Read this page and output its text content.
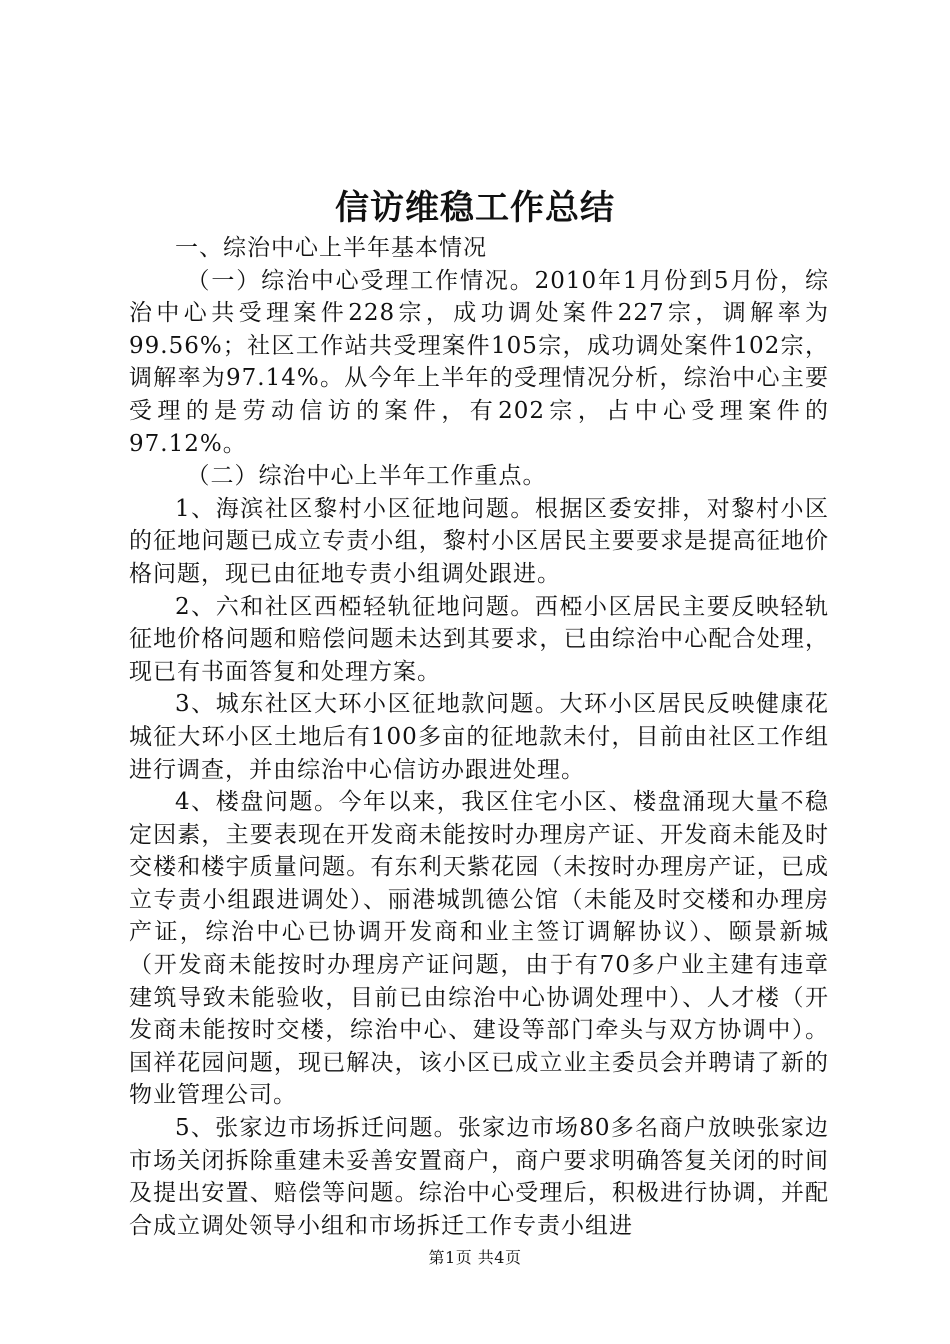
信访维稳工作总结

一、综治中心上半年基本情况

（一）综治中心受理工作情况。2010年1月份到5月份，综治中心共受理案件228宗，成功调处案件227宗，调解率为99.56%；社区工作站共受理案件105宗，成功调处案件102宗，调解率为97.14%。从今年上半年的受理情况分析，综治中心主要受理的是劳动信访的案件，有202宗，占中心受理案件的97.12%。

（二）综治中心上半年工作重点。

1、海滨社区黎村小区征地问题。根据区委安排，对黎村小区的征地问题已成立专责小组，黎村小区居民主要要求是提高征地价格问题，现已由征地专责小组调处跟进。

2、六和社区西椏轻轨征地问题。西椏小区居民主要反映轻轨征地价格问题和赔偿问题未达到其要求，已由综治中心配合处理，现已有书面答复和处理方案。

3、城东社区大环小区征地款问题。大环小区居民反映健康花城征大环小区土地后有100多亩的征地款未付，目前由社区工作组进行调查，并由综治中心信访办跟进处理。

4、楼盘问题。今年以来，我区住宅小区、楼盘涌现大量不稳定因素，主要表现在开发商未能按时办理房产证、开发商未能及时交楼和楼宇质量问题。有东利天紫花园（未按时办理房产证，已成立专责小组跟进调处）、丽港城凯德公馆（未能及时交楼和办理房产证，综治中心已协调开发商和业主签订调解协议）、颐景新城（开发商未能按时办理房产证问题，由于有70多户业主建有违章建筑导致未能验收，目前已由综治中心协调处理中）、人才楼（开发商未能按时交楼，综治中心、建设等部门牵头与双方协调中）。国祥花园问题，现已解决，该小区已成立业主委员会并聘请了新的物业管理公司。

5、张家边市场拆迁问题。张家边市场80多名商户放映张家边市场关闭拆除重建未妥善安置商户，商户要求明确答复关闭的时间及提出安置、赔偿等问题。综治中心受理后，积极进行协调，并配合成立调处领导小组和市场拆迁工作专责小组进

第1页 共4页
